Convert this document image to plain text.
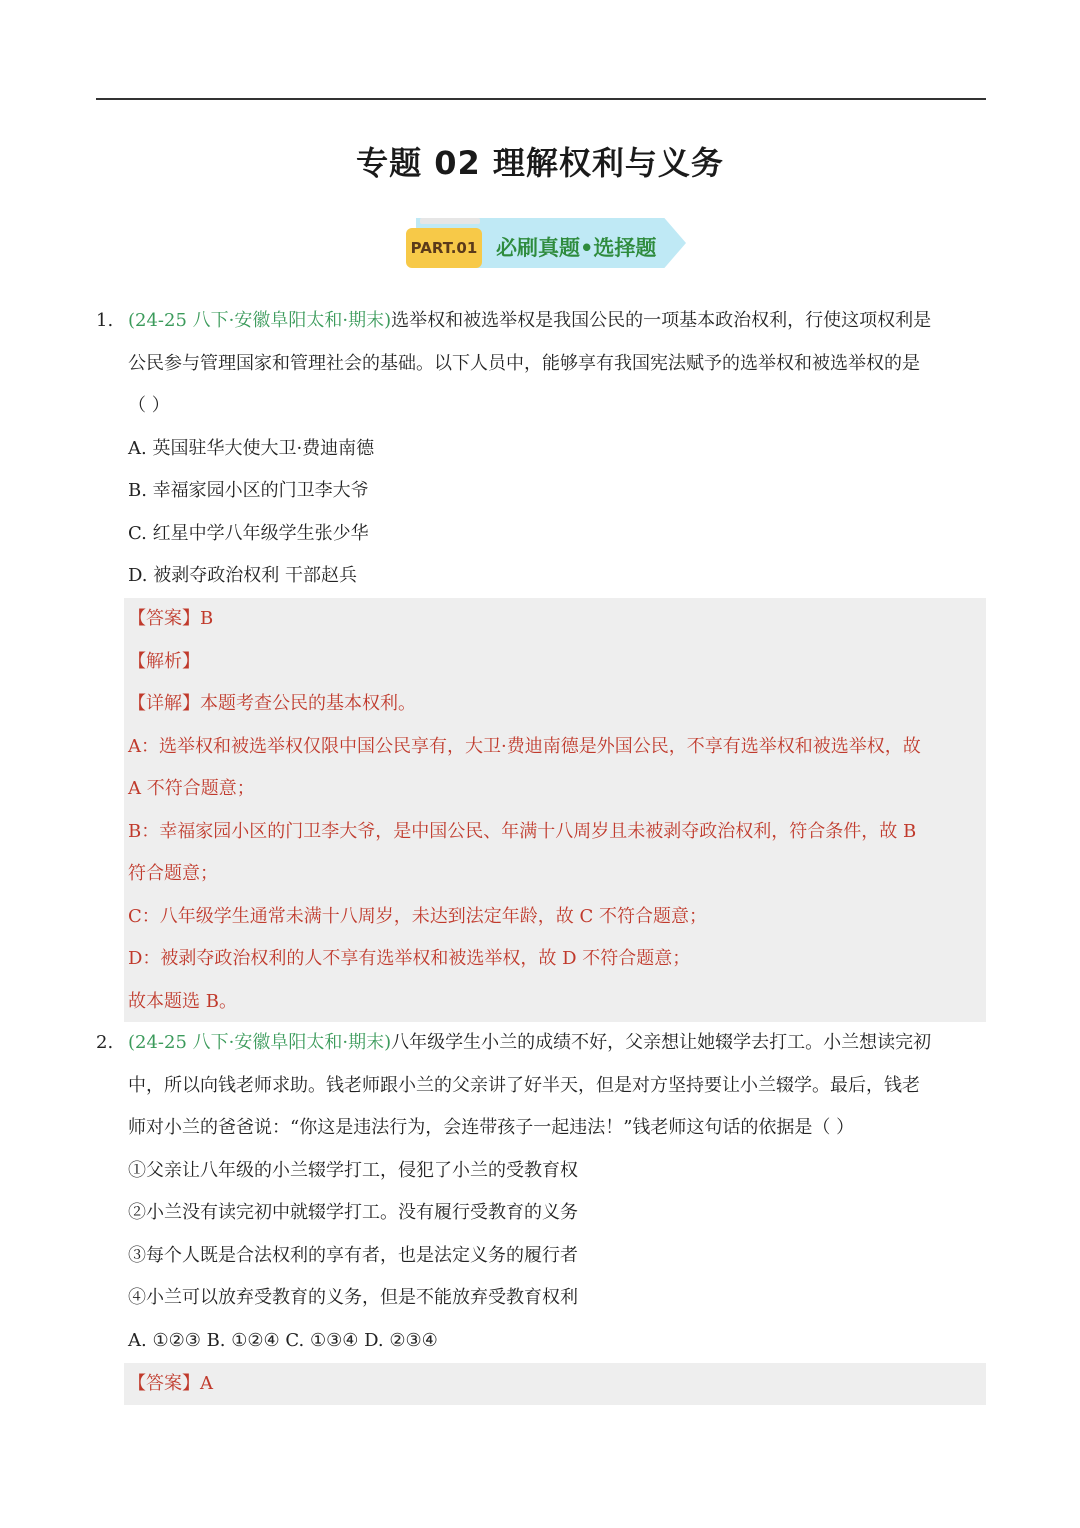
专题 02 理解权利与义务
PART.01 必刷真题•选择题
1. (24-25 八下·安徽阜阳太和·期末)选举权和被选举权是我国公民的一项基本政治权利，行使这项权利是
公民参与管理国家和管理社会的基础。以下人员中，能够享有我国宪法赋予的选举权和被选举权的是
（ ）
A. 英国驻华大使大卫·费迪南德
B. 幸福家园小区的门卫李大爷
C. 红星中学八年级学生张少华
D. 被剥夺政治权利 干部赵兵
【答案】B
【解析】
【详解】本题考查公民的基本权利。
A：选举权和被选举权仅限中国公民享有，大卫·费迪南德是外国公民，不享有选举权和被选举权，故
A 不符合题意；
B：幸福家园小区的门卫李大爷，是中国公民、年满十八周岁且未被剥夺政治权利，符合条件，故 B
符合题意；
C：八年级学生通常未满十八周岁，未达到法定年龄，故 C 不符合题意；
D：被剥夺政治权利的人不享有选举权和被选举权，故 D 不符合题意；
故本题选 B。
2. (24-25 八下·安徽阜阳太和·期末)八年级学生小兰的成绩不好，父亲想让她辍学去打工。小兰想读完初
中，所以向钱老师求助。钱老师跟小兰的父亲讲了好半天，但是对方坚持要让小兰辍学。最后，钱老
师对小兰的爸爸说：“你这是违法行为，会连带孩子一起违法！”钱老师这句话的依据是（ ）
①父亲让八年级的小兰辍学打工，侵犯了小兰的受教育权
②小兰没有读完初中就辍学打工。没有履行受教育的义务
③每个人既是合法权利的享有者，也是法定义务的履行者
④小兰可以放弃受教育的义务，但是不能放弃受教育权利
A. ①②③ B. ①②④ C. ①③④ D. ②③④
【答案】A
